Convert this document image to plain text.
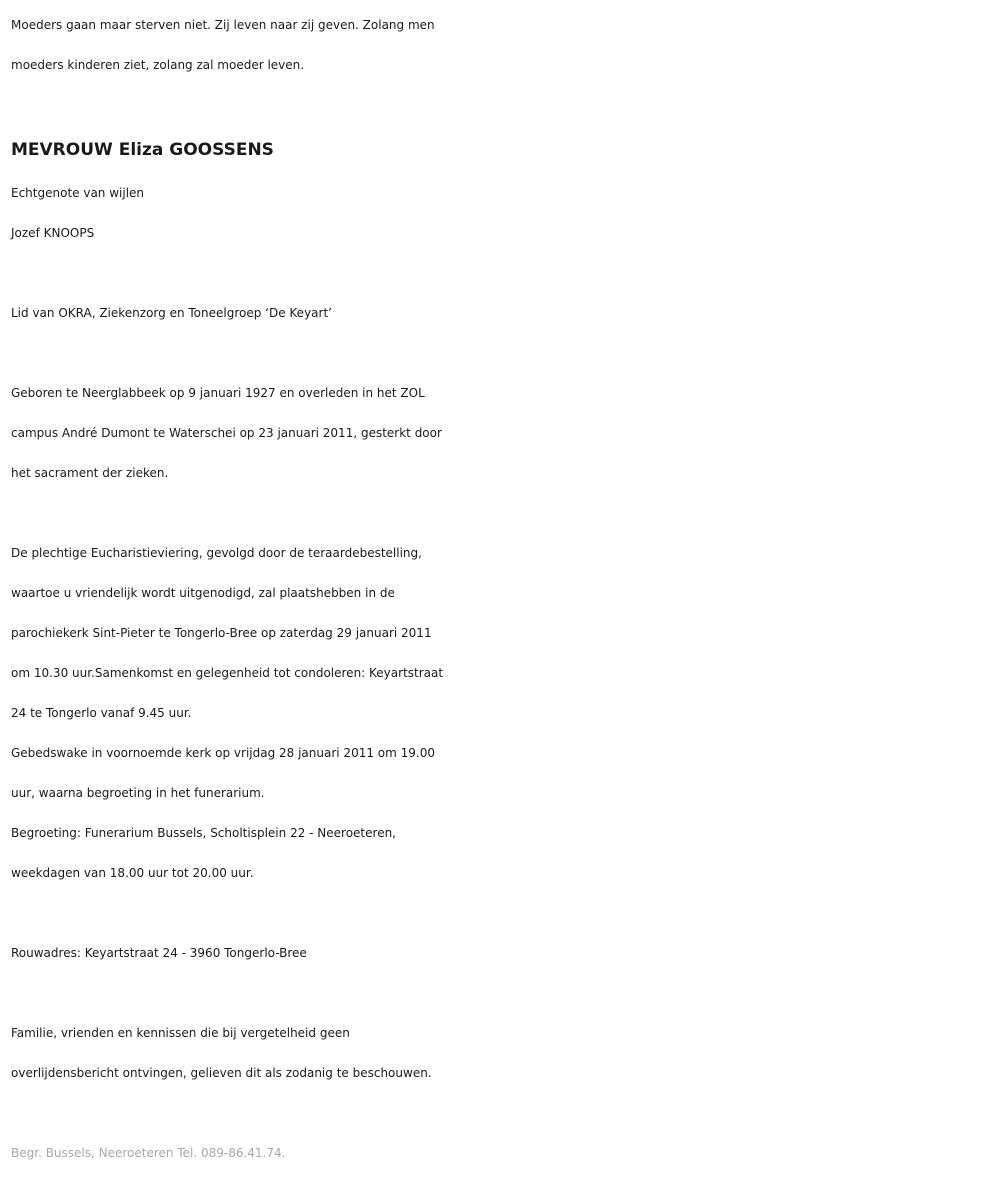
Moeders gaan maar sterven niet. Zij leven naar zij geven. Zolang men
moeders kinderen ziet, zolang zal moeder leven.
MEVROUW Eliza GOOSSENS
Echtgenote van wijlen
Jozef KNOOPS
Lid van OKRA, Ziekenzorg en Toneelgroep ‘De Keyart’
Geboren te Neerglabbeek op 9 januari 1927 en overleden in het ZOL
campus André Dumont te Waterschei op 23 januari 2011, gesterkt door
het sacrament der zieken.
De plechtige Eucharistieviering, gevolgd door de teraardebestelling,
waartoe u vriendelijk wordt uitgenodigd, zal plaatshebben in de
parochiekerk Sint-Pieter te Tongerlo-Bree op zaterdag 29 januari 2011
om 10.30 uur.Samenkomst en gelegenheid tot condoleren: Keyartstraat
24 te Tongerlo vanaf 9.45 uur.
Gebedswake in voornoemde kerk op vrijdag 28 januari 2011 om 19.00
uur, waarna begroeting in het funerarium.
Begroeting: Funerarium Bussels, Scholtisplein 22 - Neeroeteren,
weekdagen van 18.00 uur tot 20.00 uur.
Rouwadres: Keyartstraat 24 - 3960 Tongerlo-Bree
Familie, vrienden en kennissen die bij vergetelheid geen
overlijdensbericht ontvingen, gelieven dit als zodanig te beschouwen.
Begr. Bussels, Neeroeteren Tel. 089-86.41.74.
